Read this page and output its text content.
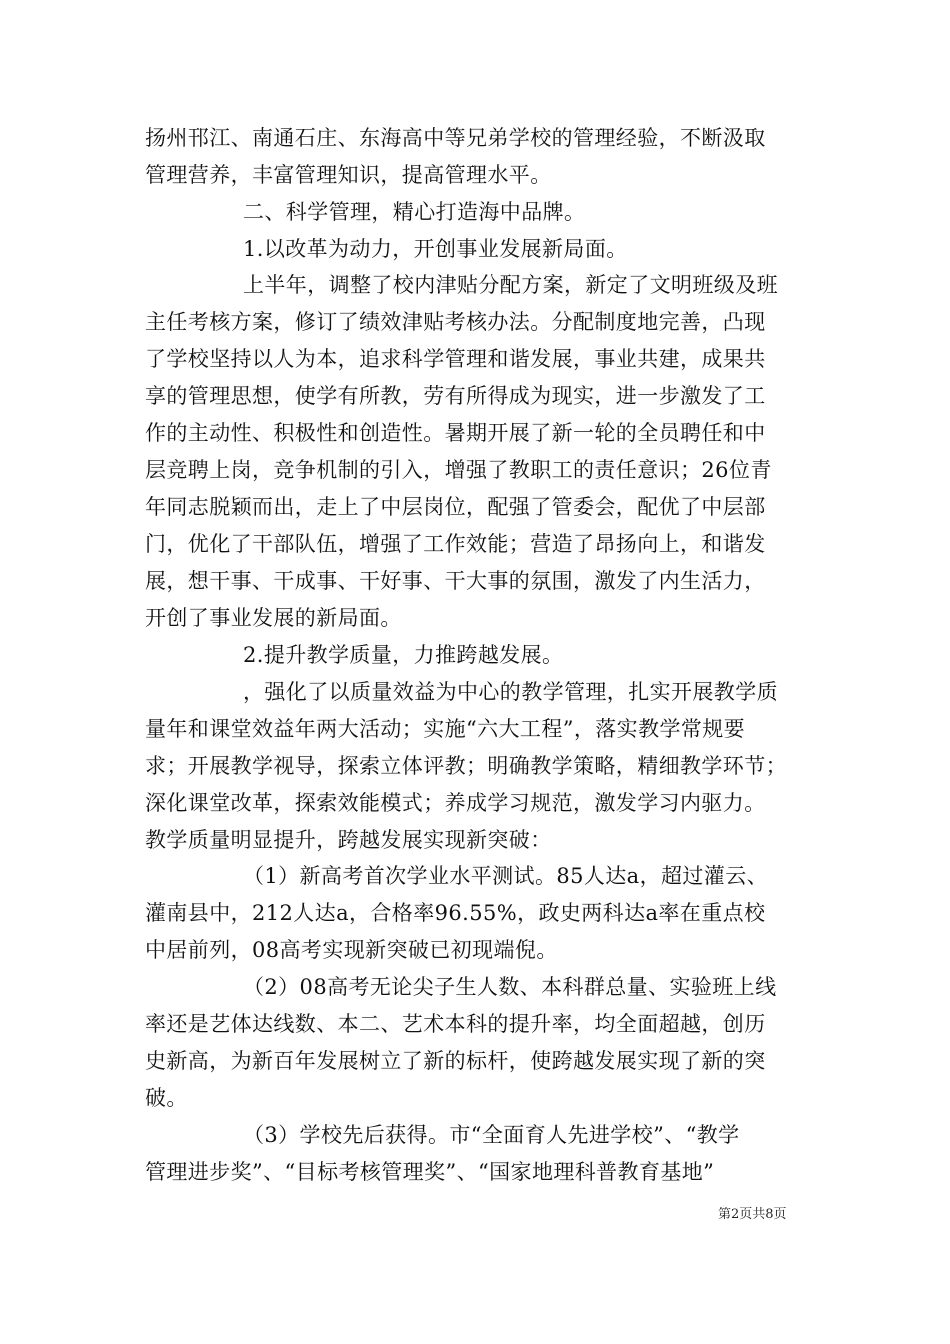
扬州邗江、南通石庄、东海高中等兄弟学校的管理经验，不断汲取
管理营养，丰富管理知识，提高管理水平。
二、科学管理，精心打造海中品牌。
1.以改革为动力，开创事业发展新局面。
上半年，调整了校内津贴分配方案，新定了文明班级及班
主任考核方案，修订了绩效津贴考核办法。分配制度地完善，凸现
了学校坚持以人为本，追求科学管理和谐发展，事业共建，成果共
享的管理思想，使学有所教，劳有所得成为现实，进一步激发了工
作的主动性、积极性和创造性。暑期开展了新一轮的全员聘任和中
层竞聘上岗，竞争机制的引入，增强了教职工的责任意识；26位青
年同志脱颖而出，走上了中层岗位，配强了管委会，配优了中层部
门，优化了干部队伍，增强了工作效能；营造了昂扬向上，和谐发
展，想干事、干成事、干好事、干大事的氛围，激发了内生活力，
开创了事业发展的新局面。
2.提升教学质量，力推跨越发展。
，强化了以质量效益为中心的教学管理，扎实开展教学质
量年和课堂效益年两大活动；实施“六大工程”，落实教学常规要
求；开展教学视导，探索立体评教；明确教学策略，精细教学环节；
深化课堂改革，探索效能模式；养成学习规范，激发学习内驱力。
教学质量明显提升，跨越发展实现新突破：
（1）新高考首次学业水平测试。85人达a，超过灌云、
灌南县中，212人达a，合格率96.55%，政史两科达a率在重点校
中居前列，08高考实现新突破已初现端倪。
（2）08高考无论尖子生人数、本科群总量、实验班上线
率还是艺体达线数、本二、艺术本科的提升率，均全面超越，创历
史新高，为新百年发展树立了新的标杆，使跨越发展实现了新的突
破。
（3）学校先后获得。市“全面育人先进学校”、“教学
管理进步奖”、“目标考核管理奖”、“国家地理科普教育基地”
第2页共8页
